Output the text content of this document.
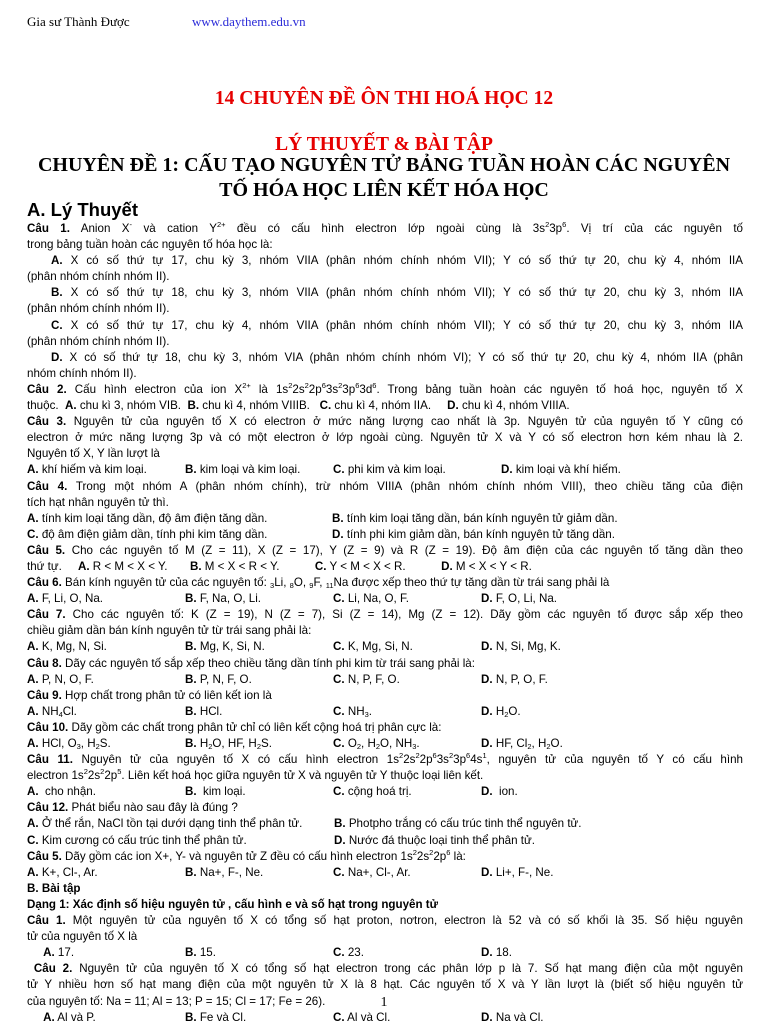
Gia sư Thành Được	www.daythem.edu.vn
14 CHUYÊN ĐỀ ÔN THI HOÁ HỌC 12
LÝ THUYẾT & BÀI TẬP
CHUYÊN ĐỀ 1: CẤU TẠO NGUYÊN TỬ BẢNG TUẦN HOÀN CÁC NGUYÊN TỐ HÓA HỌC LIÊN KẾT HÓA HỌC
A. Lý Thuyết

Câu 1. Anion X- và cation $Y^{2+}$ đều có cấu hình electron lớp ngoài cùng là $3s^23p^6$. Vị trí của các nguyên tố

trong bảng tuần hoàn các nguyên tố hóa học là:

A. X có số thứ tự 17, chu kỳ 3, nhóm VIIA (phân nhóm chính nhóm VII); Y có số thứ tự 20, chu kỳ 4, nhóm IIA

(phân nhóm chính nhóm II).

B. X có số thứ tự 18, chu kỳ 3, nhóm VIIA (phân nhóm chính nhóm VII); Y có số thứ tự 20, chu kỳ 3, nhóm IIA

(phân nhóm chính nhóm II).

C. X có số thứ tự 17, chu kỳ 4, nhóm VIIA (phân nhóm chính nhóm VII); Y có số thứ tự 20, chu kỳ 3, nhóm IIA

(phân nhóm chính nhóm II).

D. X có số thứ tự 18, chu kỳ 3, nhóm VIA (phân nhóm chính nhóm VI); Y có số thứ tự 20, chu kỳ 4, nhóm IIA (phân

nhóm chính nhóm II).

Câu 2. Cấu hình electron của ion $X^{2+}$ là $1s^22s^22p^63s^23p^63d^6$. Trong bảng tuần hoàn các nguyên tố hoá học, nguyên tố X

thuộc.  A. chu kì 3, nhóm VIB.  B. chu kì 4, nhóm VIIIB.   C. chu kì 4, nhóm IIA.     D. chu kì 4, nhóm VIIIA.

Câu 3. Nguyên tử của nguyên tố X có electron ở mức năng lượng cao nhất là 3p. Nguyên tử của nguyên tố Y cũng có

electron ở mức năng lượng 3p và có một electron ở lớp ngoài cùng. Nguyên tử X và Y có số electron hơn kém nhau là 2.

Nguyên tố X, Y lần lượt là

A. khí hiếm và kim loại.	B. kim loại và kim loại.	C. phi kim và kim loại.	D. kim loại và khí hiếm.

Câu 4. Trong một nhóm A (phân nhóm chính), trừ nhóm VIIIA (phân nhóm chính nhóm VIII), theo chiều tăng của điện

tích hạt nhân nguyên tử thì.

A. tính kim loại tăng dần, độ âm điện tăng dần.	B. tính kim loại tăng dần, bán kính nguyên tử giảm dần.

C. độ âm điện giảm dần, tính phi kim tăng dần.	D. tính phi kim giảm dần, bán kính nguyên tử tăng dần.

Câu 5. Cho các nguyên tố M (Z = 11), X (Z = 17), Y (Z = 9) và R (Z = 19). Độ âm điện của các nguyên tố tăng dần theo

thứ tự.     A. R < M < X < Y.       B. M < X < R < Y.           C. Y < M < X < R.           D. M < X < Y < R.

Câu 6. Bán kính nguyên tử của các nguyên tố: $_3$Li, $_8$O, $_9$F, $_{11}$Na được xếp theo thứ tự tăng dần từ trái sang phải là

A. F, Li, O, Na.	B. F, Na, O, Li.	C. Li, Na, O, F.	D. F, O, Li, Na.

Câu 7. Cho các nguyên tố: K (Z = 19), N (Z = 7), Si (Z = 14), Mg (Z = 12). Dãy gồm các nguyên tố được sắp xếp theo

chiều giảm dần bán kính nguyên tử từ trái sang phải là:

A. K, Mg, N, Si.	B. Mg, K, Si, N.	C. K, Mg, Si, N.	D. N, Si, Mg, K.

Câu 8. Dãy các nguyên tố sắp xếp theo chiều tăng dần tính phi kim từ trái sang phải là:

A. P, N, O, F.	B. P, N, F, O.	C. N, P, F, O.	D. N, P, O, F.

Câu 9. Hợp chất trong phân tử có liên kết ion là

A. $NH_4Cl$.	B. HCl.	C. $NH_3$.	D. $H_2O$.

Câu 10. Dãy gồm các chất trong phân tử chỉ có liên kết cộng hoá trị phân cực là:

A. HCl, $O_3$, $H_2S$.	B. $H_2O$, HF, $H_2S$.	C. $O_2$, $H_2O$, $NH_3$.	D. HF, $Cl_2$, $H_2O$.

Câu 11. Nguyên tử của nguyên tố X có cấu hình electron $1s^22s^22p^63s^23p^64s^1$, nguyên tử của nguyên tố Y có cấu hình

electron $1s^22s^22p^5$. Liên kết hoá học giữa nguyên tử X và nguyên tử Y thuộc loại liên kết.

A.  cho nhận.	B.  kim loại.	C. cộng hoá trị.	D.  ion.

Câu 12. Phát biểu nào sau đây là đúng ?

A. Ở thể rắn, NaCl tồn tại dưới dạng tinh thể phân tử.	B. Photpho trắng có cấu trúc tinh thể nguyên tử.

C. Kim cương có cấu trúc tinh thể phân tử.	D. Nước đá thuộc loại tinh thể phân tử.

Câu 5. Dãy gồm các ion X+, Y- và nguyên tử Z đều có cấu hình electron $1s^22s^22p^6$ là:

A. K+, Cl-, Ar.	B. Na+, F-, Ne.	C. Na+, Cl-, Ar.	D. Li+, F-, Ne.

B. Bài tập

Dạng 1: Xác định số hiệu nguyên tử , cấu hình e và số hạt trong nguyên tử

Câu 1. Một nguyên tử của nguyên tố X có tổng số hạt proton, nơtron, electron là 52 và có số khối là 35. Số hiệu nguyên

tử của nguyên tố X là

A. 17.	B. 15.	C. 23.	D. 18.

Câu 2. Nguyên tử của nguyên tố X có tổng số hạt electron trong các phân lớp p là 7. Số hạt mang điện của một nguyên

tử Y nhiều hơn số hạt mang điện của một nguyên tử X là 8 hạt. Các nguyên tố X và Y lần lượt là (biết số hiệu nguyên tử

của nguyên tố: Na = 11; Al = 13; P = 15; Cl = 17; Fe = 26).

A. Al và P.	B. Fe và Cl.	C. Al và Cl.	D. Na và Cl.

1
